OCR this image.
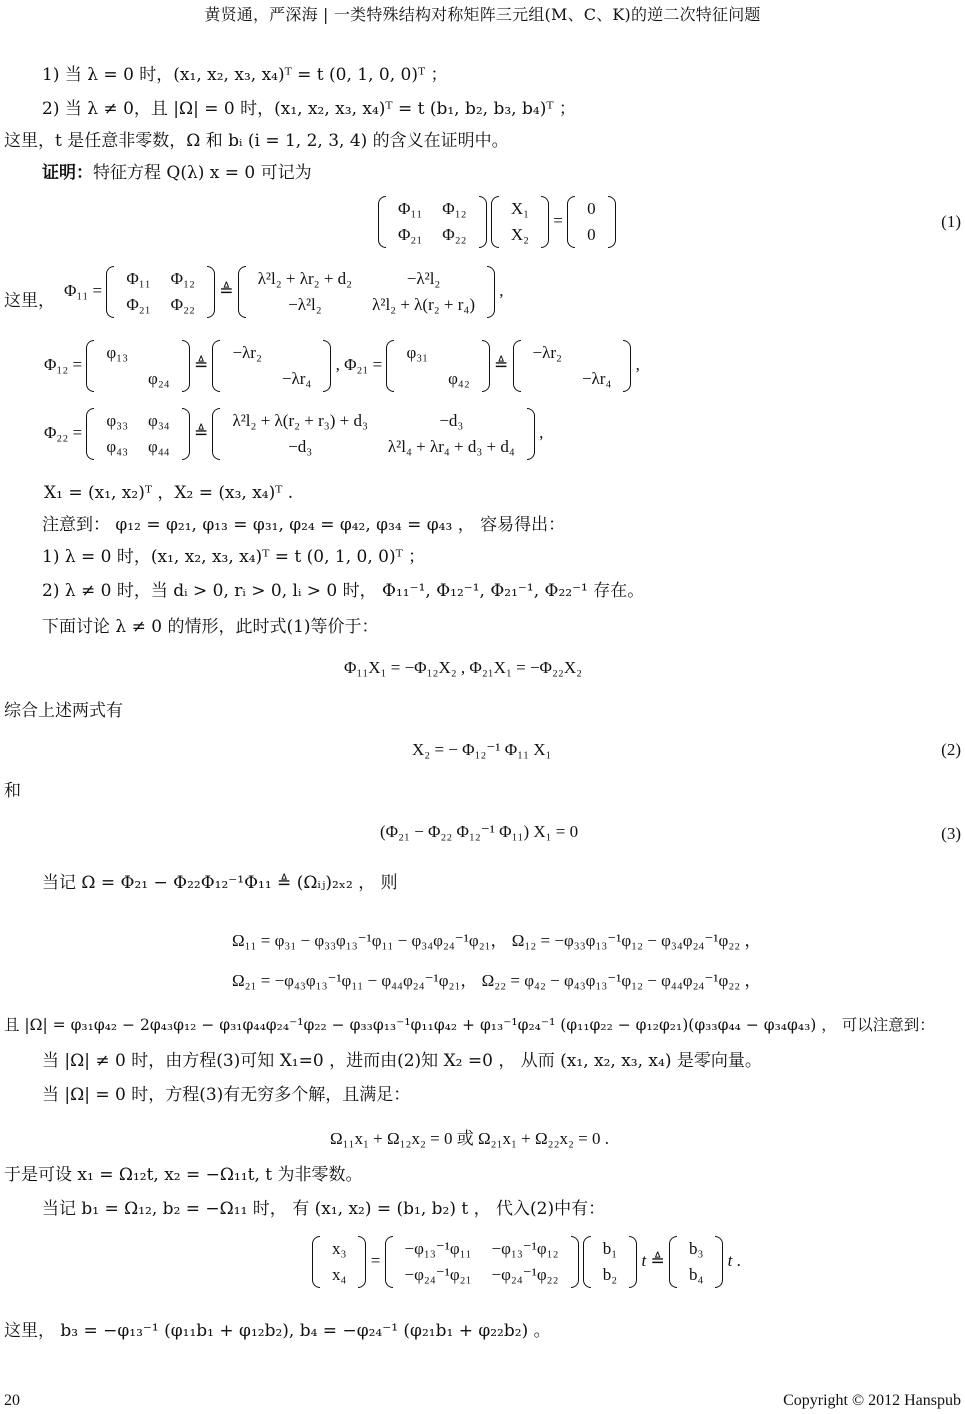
黄贤通，严深海 | 一类特殊结构对称矩阵三元组(M、C、K)的逆二次特征问题
1) 当 λ = 0 时，(x₁, x₂, x₃, x₄)ᵀ = t (0, 1, 0, 0)ᵀ ；
2) 当 λ ≠ 0，且 |Ω| = 0 时，(x₁, x₂, x₃, x₄)ᵀ = t (b₁, b₂, b₃, b₄)ᵀ ；
这里，t 是任意非零数，Ω 和 bᵢ (i = 1, 2, 3, 4) 的含义在证明中。
证明：特征方程 Q(λ) x = 0 可记为
Φ₁₁	Φ₁₂
Φ₂₁	Φ₂₂

X₁
X₂
=
0
0
(1)
这里，
Φ₁₁ =
Φ₁₁	Φ₁₂
Φ₂₁	Φ₂₂
≜
λ²l₂ + λr₂ + d₂	−λ²l₂
−λ²l₂	λ²l₂ + λ(r₂ + r₄)
,
Φ₁₂ =
φ₁₃	
	φ₂₄
≜
−λr₂	
	−λr₄
, Φ₂₁ =
φ₃₁	
	φ₄₂
≜
−λr₂	
	−λr₄
,
Φ₂₂ =
φ₃₃	φ₃₄
φ₄₃	φ₄₄
≜
λ²l₂ + λ(r₂ + r₃) + d₃	−d₃
−d₃	λ²l₄ + λr₄ + d₃ + d₄
,
X₁ = (x₁, x₂)ᵀ ，X₂ = (x₃, x₄)ᵀ .
注意到： φ₁₂ = φ₂₁, φ₁₃ = φ₃₁, φ₂₄ = φ₄₂, φ₃₄ = φ₄₃ ， 容易得出：
1) λ = 0 时，(x₁, x₂, x₃, x₄)ᵀ = t (0, 1, 0, 0)ᵀ ；
2) λ ≠ 0 时，当 dᵢ > 0, rᵢ > 0, lᵢ > 0 时， Φ₁₁⁻¹, Φ₁₂⁻¹, Φ₂₁⁻¹, Φ₂₂⁻¹ 存在。
下面讨论 λ ≠ 0 的情形，此时式(1)等价于：
Φ₁₁X₁ = −Φ₁₂X₂ , Φ₂₁X₁ = −Φ₂₂X₂
综合上述两式有
X₂ = − Φ₁₂⁻¹ Φ₁₁ X₁	(2)
和
(Φ₂₁ − Φ₂₂ Φ₁₂⁻¹ Φ₁₁) X₁ = 0	(3)
当记 Ω = Φ₂₁ − Φ₂₂Φ₁₂⁻¹Φ₁₁ ≜ (Ωᵢⱼ)₂ₓ₂ ， 则
Ω₁₁ = φ₃₁ − φ₃₃φ₁₃⁻¹φ₁₁ − φ₃₄φ₂₄⁻¹φ₂₁， Ω₁₂ = −φ₃₃φ₁₃⁻¹φ₁₂ − φ₃₄φ₂₄⁻¹φ₂₂ ，
Ω₂₁ = −φ₄₃φ₁₃⁻¹φ₁₁ − φ₄₄φ₂₄⁻¹φ₂₁， Ω₂₂ = φ₄₂ − φ₄₃φ₁₃⁻¹φ₁₂ − φ₄₄φ₂₄⁻¹φ₂₂ ，
且 |Ω| = φ₃₁φ₄₂ − 2φ₄₃φ₁₂ − φ₃₁φ₄₄φ₂₄⁻¹φ₂₂ − φ₃₃φ₁₃⁻¹φ₁₁φ₄₂ + φ₁₃⁻¹φ₂₄⁻¹ (φ₁₁φ₂₂ − φ₁₂φ₂₁)(φ₃₃φ₄₄ − φ₃₄φ₄₃) ， 可以注意到：
当 |Ω| ≠ 0 时，由方程(3)可知 X₁=0 ，进而由(2)知 X₂ =0 ， 从而 (x₁, x₂, x₃, x₄) 是零向量。
当 |Ω| = 0 时，方程(3)有无穷多个解，且满足：
Ω₁₁x₁ + Ω₁₂x₂ = 0 或 Ω₂₁x₁ + Ω₂₂x₂ = 0 .
于是可设 x₁ = Ω₁₂t, x₂ = −Ω₁₁t, t 为非零数。
当记 b₁ = Ω₁₂, b₂ = −Ω₁₁ 时， 有 (x₁, x₂) = (b₁, b₂) t ， 代入(2)中有：
x₃
x₄
=
−φ₁₃⁻¹φ₁₁	−φ₁₃⁻¹φ₁₂
−φ₂₄⁻¹φ₂₁	−φ₂₄⁻¹φ₂₂

b₁
b₂
t ≜
b₃
b₄
t .
这里， b₃ = −φ₁₃⁻¹ (φ₁₁b₁ + φ₁₂b₂), b₄ = −φ₂₄⁻¹ (φ₂₁b₁ + φ₂₂b₂) 。
20	Copyright © 2012 Hanspub
